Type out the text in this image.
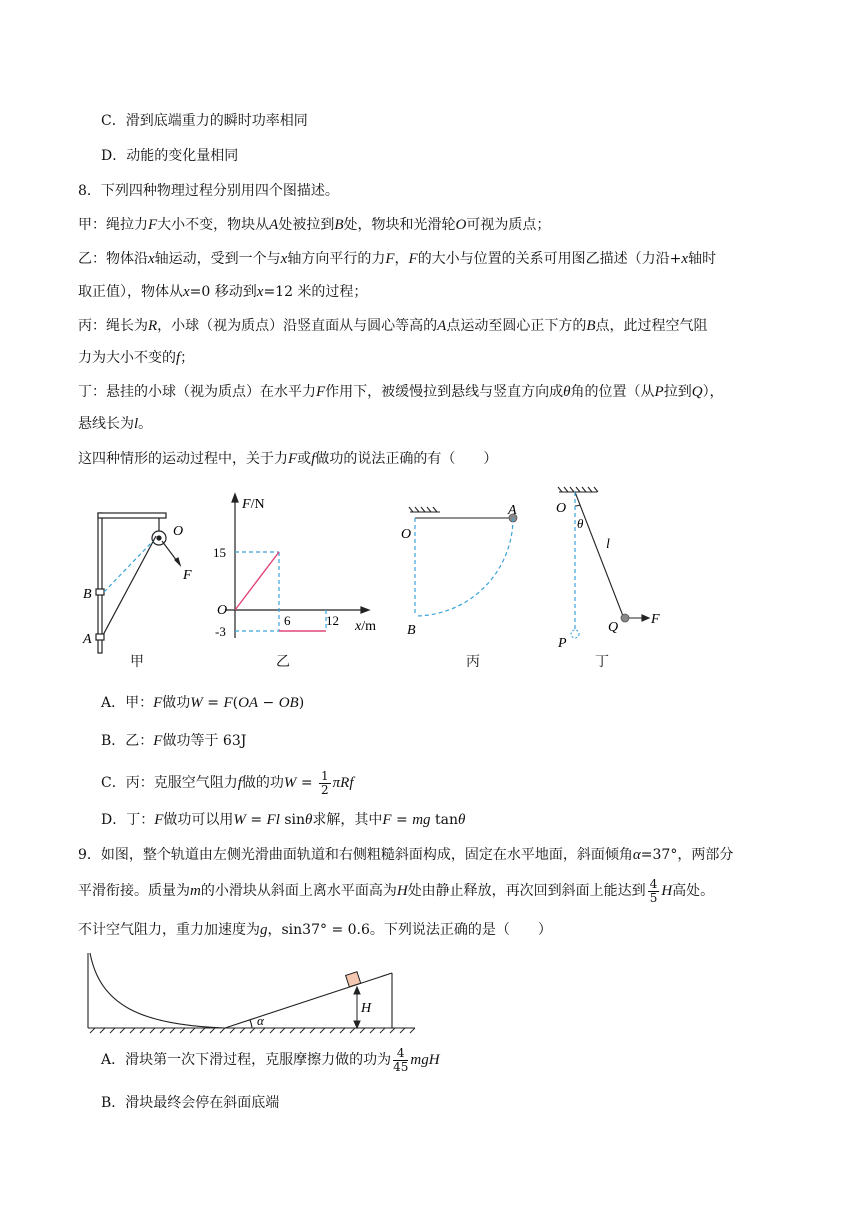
C．滑到底端重力的瞬时功率相同
D．动能的变化量相同
8．下列四种物理过程分别用四个图描述。
甲：绳拉力F大小不变，物块从A处被拉到B处，物块和光滑轮O可视为质点；
乙：物体沿x轴运动，受到一个与x轴方向平行的力F，F的大小与位置的关系可用图乙描述（力沿+x轴时
取正值），物体从x=0 移动到x=12 米的过程；
丙：绳长为R，小球（视为质点）沿竖直面从与圆心等高的A点运动至圆心正下方的B点，此过程空气阻
力为大小不变的f；
丁：悬挂的小球（视为质点）在水平力F作用下，被缓慢拉到悬线与竖直方向成θ角的位置（从P拉到Q），
悬线长为l。
这四种情形的运动过程中，关于力F或f做功的说法正确的有（　　）
O
F
B
A
甲
F/N
15
O
-3
6	12 x/m
乙
O
A
B
丙
O
θ
l
Q
F
P
丁
A．甲：F做功W = F(OA − OB)
B．乙：F做功等于 63J
C．丙：克服空气阻力f做的功$W = \frac{1}{2}$ πRf
D．丁：F做功可以用W = Fl sinθ求解，其中F = mg tanθ
9．如图，整个轨道由左侧光滑曲面轨道和右侧粗糙斜面构成，固定在水平地面，斜面倾角α=37°，两部分
平滑衔接。质量为m的小滑块从斜面上离水平面高为H处由静止释放，再次回到斜面上能达到 $\frac{4}{5}$ H高处。
不计空气阻力，重力加速度为g，sin37° = 0.6。下列说法正确的是（　　）
H
α
A．滑块第一次下滑过程，克服摩擦力做的功为 $\frac{4}{45}$ mgH
B．滑块最终会停在斜面底端
